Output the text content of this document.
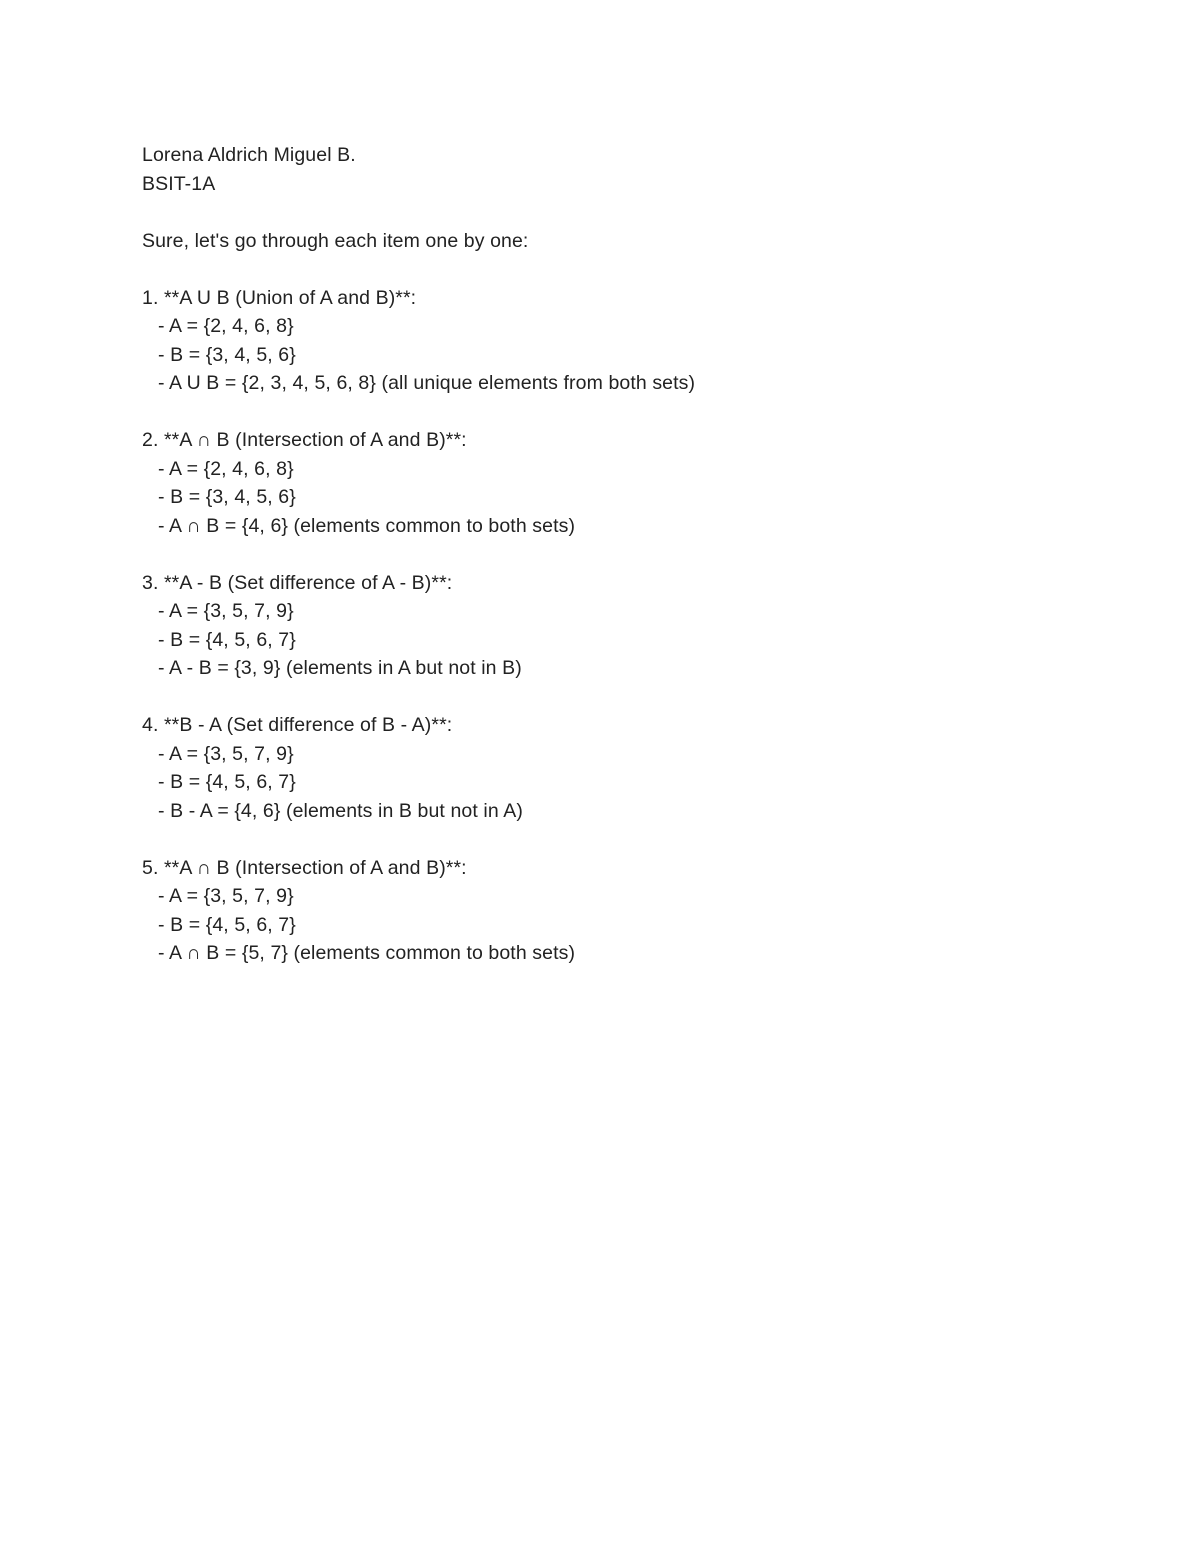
Lorena Aldrich Miguel B.
BSIT-1A
Sure, let's go through each item one by one:
1. **A U B (Union of A and B)**:
- A = {2, 4, 6, 8}
- B = {3, 4, 5, 6}
- A U B = {2, 3, 4, 5, 6, 8} (all unique elements from both sets)
2. **A ∩ B (Intersection of A and B)**:
- A = {2, 4, 6, 8}
- B = {3, 4, 5, 6}
- A ∩ B = {4, 6} (elements common to both sets)
3. **A - B (Set difference of A - B)**:
- A = {3, 5, 7, 9}
- B = {4, 5, 6, 7}
- A - B = {3, 9} (elements in A but not in B)
4. **B - A (Set difference of B - A)**:
- A = {3, 5, 7, 9}
- B = {4, 5, 6, 7}
- B - A = {4, 6} (elements in B but not in A)
5. **A ∩ B (Intersection of A and B)**:
- A = {3, 5, 7, 9}
- B = {4, 5, 6, 7}
- A ∩ B = {5, 7} (elements common to both sets)
